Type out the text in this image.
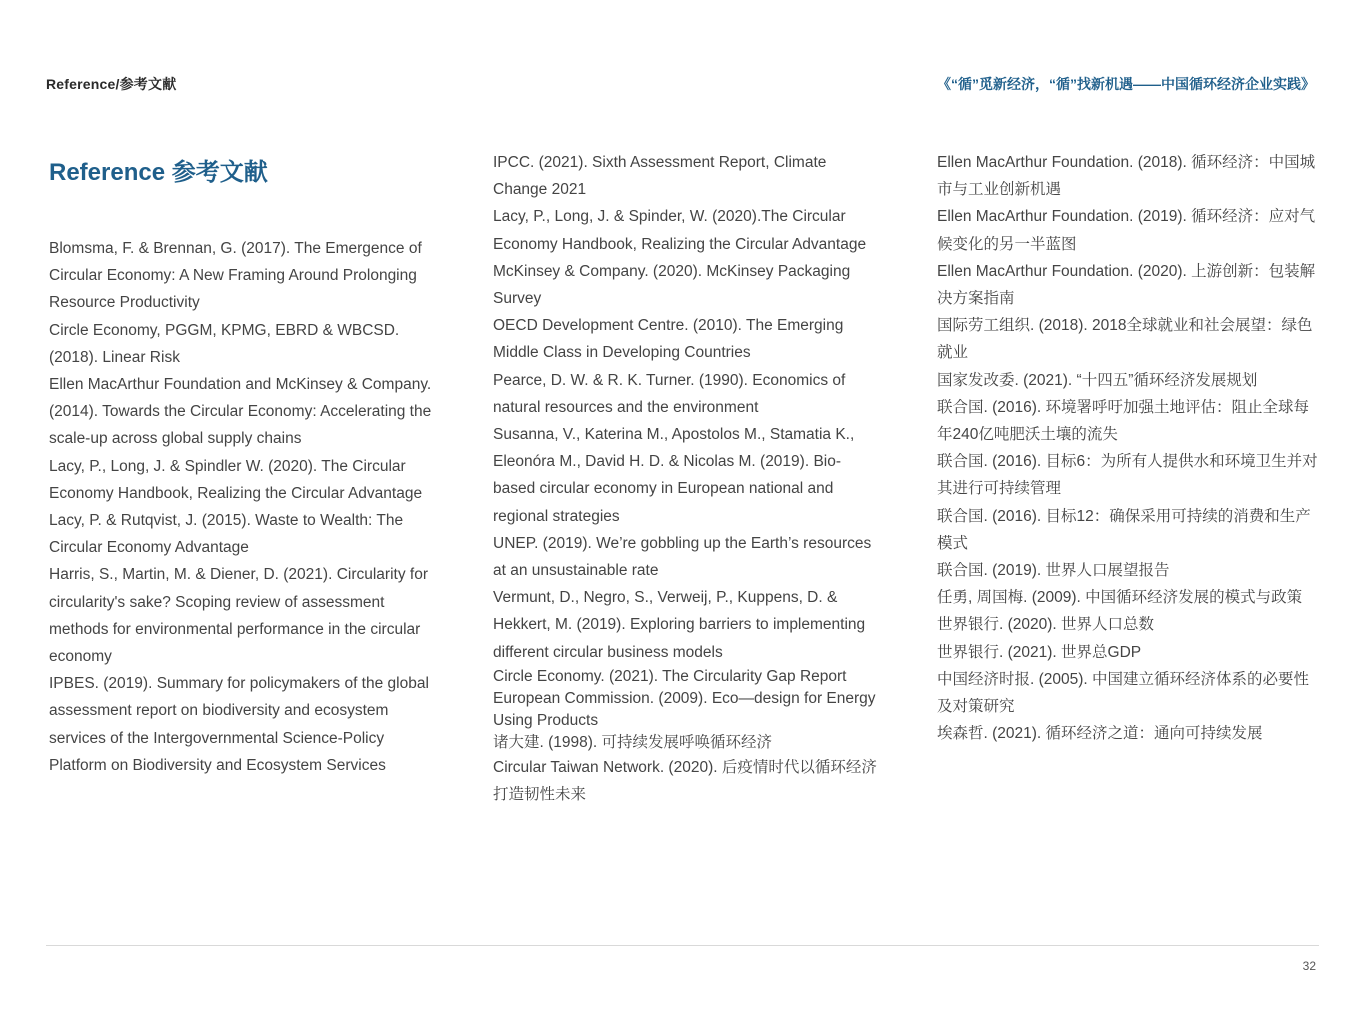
Reference/参考文献	《“循”觅新经济，“循”找新机遇——中国循环经济企业实践》
Reference 参考文献

Blomsma, F. & Brennan, G. (2017). The Emergence of Circular Economy: A New Framing Around Prolonging Resource Productivity

Circle Economy, PGGM, KPMG, EBRD & WBCSD. (2018). Linear Risk

Ellen MacArthur Foundation and McKinsey & Company. (2014). Towards the Circular Economy: Accelerating the scale-up across global supply chains

Lacy, P., Long, J. & Spindler W. (2020). The Circular Economy Handbook, Realizing the Circular Advantage

Lacy, P. & Rutqvist, J. (2015). Waste to Wealth: The Circular Economy Advantage

Harris, S., Martin, M. & Diener, D. (2021). Circularity for circularity's sake? Scoping review of assessment methods for environmental performance in the circular economy

IPBES. (2019). Summary for policymakers of the global assessment report on biodiversity and ecosystem services of the Intergovernmental Science-Policy Platform on Biodiversity and Ecosystem Services

IPCC. (2021). Sixth Assessment Report, Climate Change 2021

Lacy, P., Long, J. & Spinder, W. (2020).The Circular Economy Handbook, Realizing the Circular Advantage

McKinsey & Company. (2020). McKinsey Packaging Survey

OECD Development Centre. (2010). The Emerging Middle Class in Developing Countries

Pearce, D. W. & R. K. Turner. (1990). Economics of natural resources and the environment

Susanna, V., Katerina M., Apostolos M., Stamatia K., Eleonóra M., David H. D. & Nicolas M. (2019). Bio-based circular economy in European national and regional strategies

UNEP. (2019). We’re gobbling up the Earth’s resources at an unsustainable rate

Vermunt, D., Negro, S., Verweij, P., Kuppens, D. & Hekkert, M. (2019). Exploring barriers to implementing different circular business models

Circle Economy. (2021). The Circularity Gap Report

European Commission. (2009). Eco—design for Energy Using Products

诸大建. (1998). 可持续发展呼唤循环经济

Circular Taiwan Network. (2020). 后疫情时代以循环经济打造韧性未来

Ellen MacArthur Foundation. (2018). 循环经济：中国城市与工业创新机遇

Ellen MacArthur Foundation. (2019). 循环经济：应对气候变化的另一半蓝图

Ellen MacArthur Foundation. (2020). 上游创新：包装解决方案指南

国际劳工组织. (2018). 2018全球就业和社会展望：绿色就业

国家发改委. (2021). “十四五”循环经济发展规划

联合国. (2016). 环境署呼吁加强土地评估：阻止全球每年240亿吨肥沃土壤的流失

联合国. (2016). 目标6：为所有人提供水和环境卫生并对其进行可持续管理

联合国. (2016). 目标12：确保采用可持续的消费和生产模式

联合国. (2019). 世界人口展望报告

任勇, 周国梅. (2009). 中国循环经济发展的模式与政策

世界银行. (2020). 世界人口总数

世界银行. (2021). 世界总GDP

中国经济时报. (2005). 中国建立循环经济体系的必要性及对策研究

埃森哲. (2021). 循环经济之道：通向可持续发展

32
